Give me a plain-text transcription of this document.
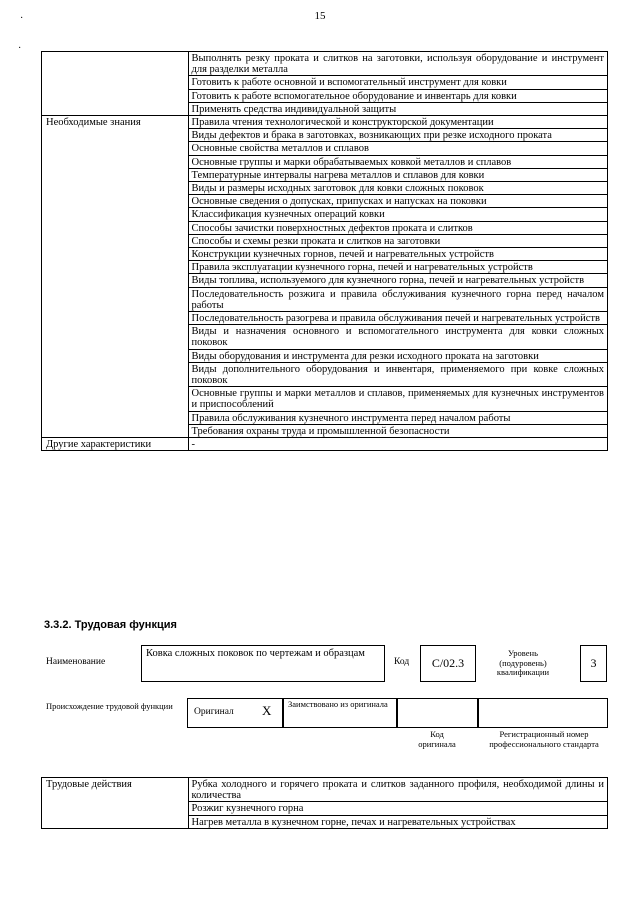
15
·
·
	Выполнять резку проката и слитков на заготовки, используя оборудование и инструмент для разделки металла
	Готовить к работе основной и вспомогательный инструмент для ковки
	Готовить к работе вспомогательное оборудование и инвентарь для ковки
	Применять средства индивидуальной защиты
Необходимые знания	Правила чтения технологической и конструкторской документации
	Виды дефектов и брака в заготовках, возникающих при резке исходного проката
	Основные свойства металлов и сплавов
	Основные группы и марки обрабатываемых ковкой металлов и сплавов
	Температурные интервалы нагрева металлов и сплавов для ковки
	Виды и размеры исходных заготовок для ковки сложных поковок
	Основные сведения о допусках, припусках и напусках на поковки
	Классификация кузнечных операций ковки
	Способы зачистки поверхностных дефектов проката и слитков
	Способы и схемы резки проката и слитков на заготовки
	Конструкции кузнечных горнов, печей и нагревательных устройств
	Правила эксплуатации кузнечного горна, печей и нагревательных устройств
	Виды топлива, используемого для кузнечного горна, печей и нагревательных устройств
	Последовательность розжига и правила обслуживания кузнечного горна перед началом работы
	Последовательность разогрева и правила обслуживания печей и нагревательных устройств
	Виды и назначения основного и вспомогательного инструмента для ковки сложных поковок
	Виды оборудования и инструмента для резки исходного проката на заготовки
	Виды дополнительного оборудования и инвентаря, применяемого при ковке сложных поковок
	Основные группы и марки металлов и сплавов, применяемых для кузнечных инструментов и приспособлений
	Правила обслуживания кузнечного инструмента перед началом работы
	Требования охраны труда и промышленной безопасности
Другие характеристики	-
3.3.2. Трудовая функция
Наименование
Ковка сложных поковок по чертежам и образцам
Код	C/02.3
Уровень (подуровень) квалификации
3
Происхождение трудовой функции
Оригинал X Заимствовано из оригинала
Код оригинала
Регистрационный номер профессионального стандарта
Трудовые действия	Рубка холодного и горячего проката и слитков заданного профиля, необходимой длины и количества
Розжиг кузнечного горна
Нагрев металла в кузнечном горне, печах и нагревательных устройствах
